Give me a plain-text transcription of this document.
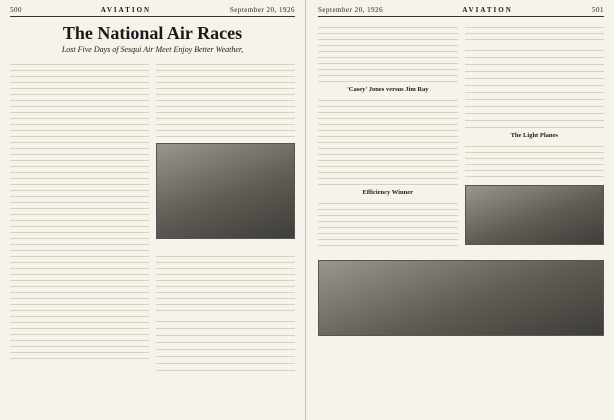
500	AVIATION	September 20, 1926
The National Air Races
Lost Five Days of Sesqui Air Meet Enjoy Better Weather,

September 20, 1926	AVIATION	501
'Casey' Jones versus Jim Ray
Efficiency Winner

The Light Planes
